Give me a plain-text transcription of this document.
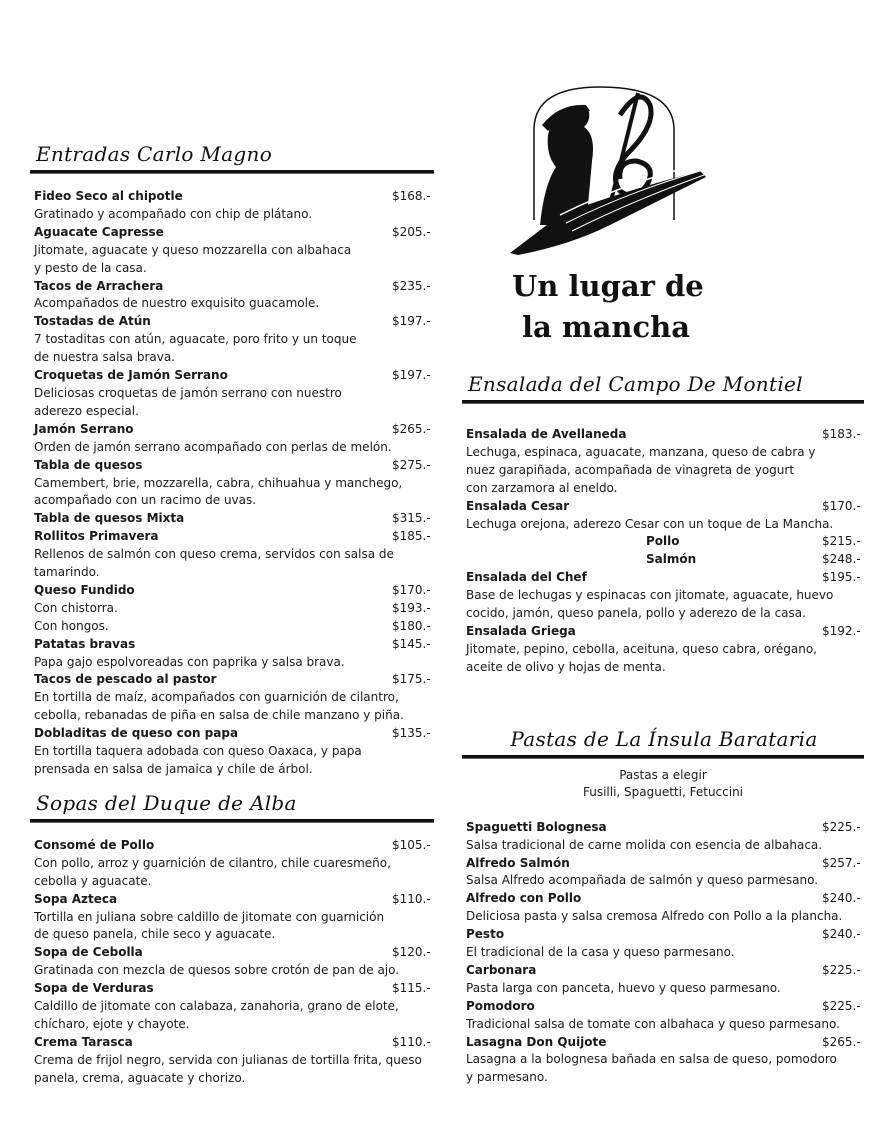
Entradas Carlo Magno
Fideo Seco al chipotle	$168.-
Gratinado y acompañado con chip de plátano.
Aguacate Capresse	$205.-
Jitomate, aguacate y queso mozzarella con albahaca
y pesto de la casa.
Tacos de Arrachera	$235.-
Acompañados de nuestro exquisito guacamole.
Tostadas de Atún	$197.-
7 tostaditas con atún, aguacate, poro frito y un toque
de nuestra salsa brava.
Croquetas de Jamón Serrano	$197.-
Deliciosas croquetas de jamón serrano con nuestro
aderezo especial.
Jamón Serrano	$265.-
Orden de jamón serrano acompañado con perlas de melón.
Tabla de quesos	$275.-
Camembert, brie, mozzarella, cabra, chihuahua y manchego,
acompañado con un racimo de uvas.
Tabla de quesos Mixta	$315.-
Rollitos Primavera	$185.-
Rellenos de salmón con queso crema, servidos con salsa de
tamarindo.
Queso Fundido	$170.-
Con chistorra.	$193.-
Con hongos.	$180.-
Patatas bravas	$145.-
Papa gajo espolvoreadas con paprika y salsa brava.
Tacos de pescado al pastor	$175.-
En tortilla de maíz, acompañados con guarnición de cilantro,
cebolla, rebanadas de piña en salsa de chile manzano y piña.
Dobladitas de queso con papa	$135.-
En tortilla taquera adobada con queso Oaxaca, y papa
prensada en salsa de jamaica y chile de árbol.
Sopas del Duque de Alba
Consomé de Pollo	$105.-
Con pollo, arroz y guarnición de cilantro, chile cuaresmeño,
cebolla y aguacate.
Sopa Azteca	$110.-
Tortilla en juliana sobre caldillo de jitomate con guarnición
de queso panela, chile seco y aguacate.
Sopa de Cebolla	$120.-
Gratinada con mezcla de quesos sobre crotón de pan de ajo.
Sopa de Verduras	$115.-
Caldillo de jitomate con calabaza, zanahoria, grano de elote,
chícharo, ejote y chayote.
Crema Tarasca	$110.-
Crema de frijol negro, servida con julianas de tortilla frita, queso
panela, crema, aguacate y chorizo.
Un lugar de
la mancha
Ensalada del Campo De Montiel
Ensalada de Avellaneda	$183.-
Lechuga, espinaca, aguacate, manzana, queso de cabra y
nuez garapiñada, acompañada de vinagreta de yogurt
con zarzamora al eneldo.
Ensalada Cesar	$170.-
Lechuga orejona, aderezo Cesar con un toque de La Mancha.
Pollo	$215.-
Salmón	$248.-
Ensalada del Chef	$195.-
Base de lechugas y espinacas con jitomate, aguacate, huevo
cocido, jamón, queso panela, pollo y aderezo de la casa.
Ensalada Griega	$192.-
Jitomate, pepino, cebolla, aceituna, queso cabra, orégano,
aceite de olivo y hojas de menta.
Pastas de La Ínsula Barataria
Pastas a elegir
Fusilli, Spaguetti, Fetuccini
Spaguetti Bolognesa	$225.-
Salsa tradicional de carne molida con esencia de albahaca.
Alfredo Salmón	$257.-
Salsa Alfredo acompañada de salmón y queso parmesano.
Alfredo con Pollo	$240.-
Deliciosa pasta y salsa cremosa Alfredo con Pollo a la plancha.
Pesto	$240.-
El tradicional de la casa y queso parmesano.
Carbonara	$225.-
Pasta larga con panceta, huevo y queso parmesano.
Pomodoro	$225.-
Tradicional salsa de tomate con albahaca y queso parmesano.
Lasagna Don Quijote	$265.-
Lasagna a la bolognesa bañada en salsa de queso, pomodoro
y parmesano.
